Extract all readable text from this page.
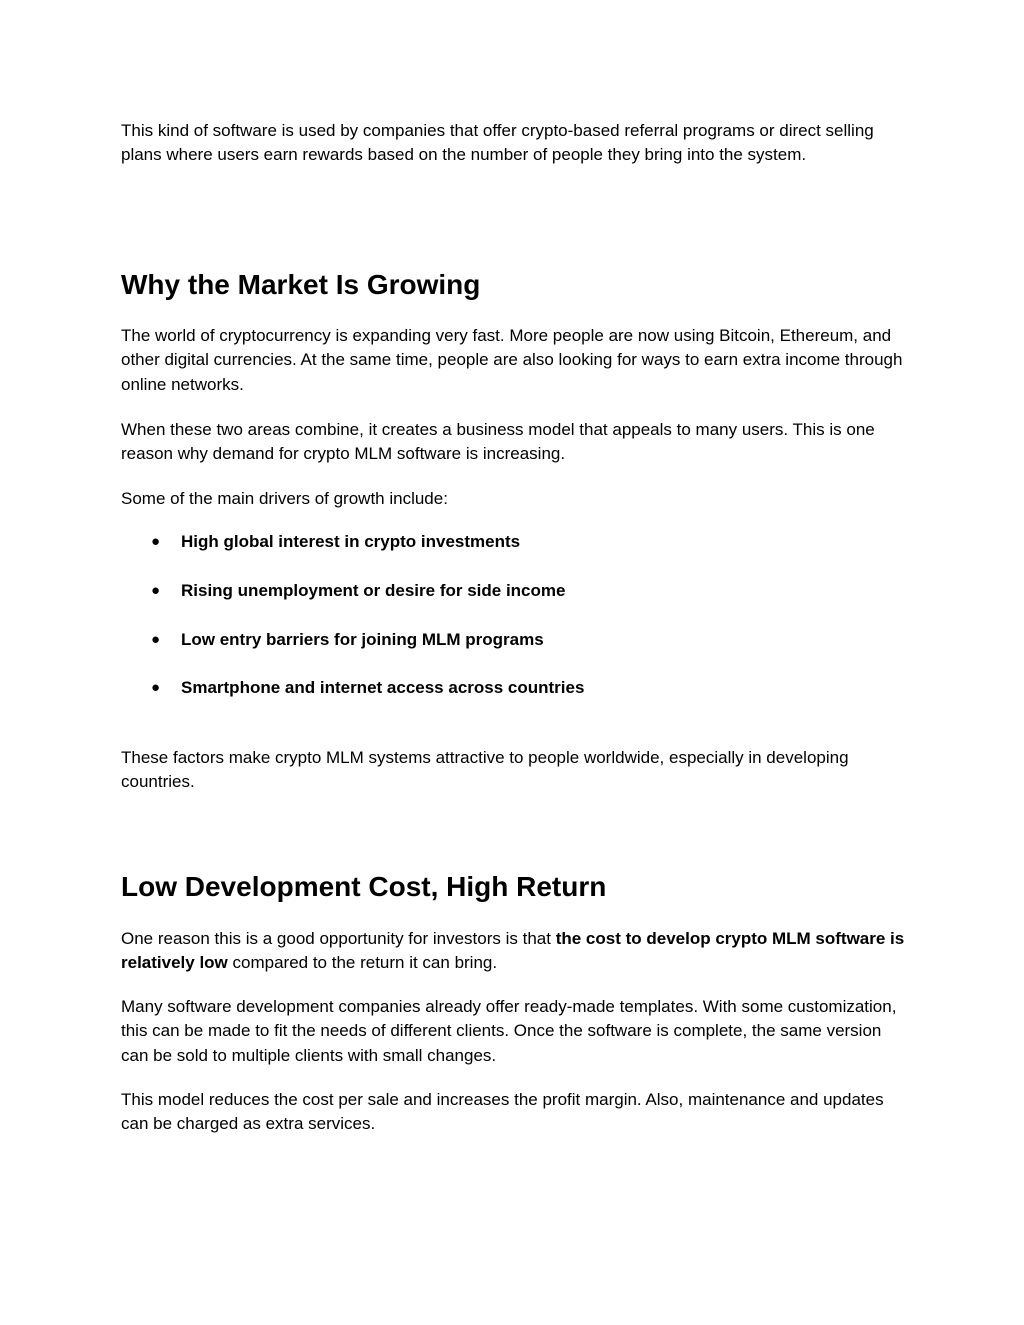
This kind of software is used by companies that offer crypto-based referral programs or direct selling plans where users earn rewards based on the number of people they bring into the system.

Why the Market Is Growing

The world of cryptocurrency is expanding very fast. More people are now using Bitcoin, Ethereum, and other digital currencies. At the same time, people are also looking for ways to earn extra income through online networks.

When these two areas combine, it creates a business model that appeals to many users. This is one reason why demand for crypto MLM software is increasing.

Some of the main drivers of growth include:

● High global interest in crypto investments
● Rising unemployment or desire for side income
● Low entry barriers for joining MLM programs
● Smartphone and internet access across countries

These factors make crypto MLM systems attractive to people worldwide, especially in developing countries.

Low Development Cost, High Return

One reason this is a good opportunity for investors is that the cost to develop crypto MLM software is relatively low compared to the return it can bring.

Many software development companies already offer ready-made templates. With some customization, this can be made to fit the needs of different clients. Once the software is complete, the same version can be sold to multiple clients with small changes.

This model reduces the cost per sale and increases the profit margin. Also, maintenance and updates can be charged as extra services.
